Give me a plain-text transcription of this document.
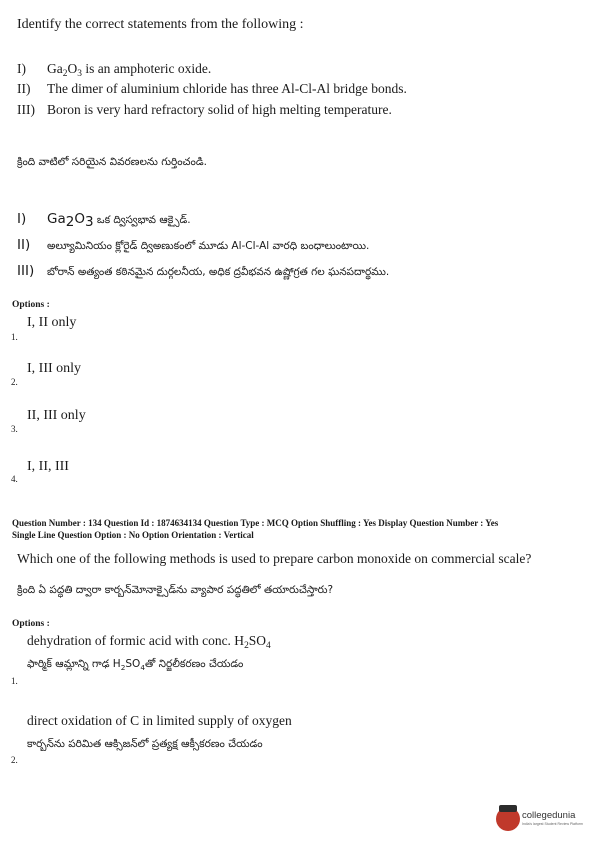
Identify the correct statements from the following :
I) $Ga_2O_3$ is an amphoteric oxide.
II) The dimer of aluminium chloride has three Al-Cl-Al bridge bonds.
III) Boron is very hard refractory solid of high melting temperature.
క్రింది వాటిలో సరియైన వివరణలను గుర్తించండి.
I) $Ga_2O_3$ ఒక ద్విస్వభావ ఆక్సైడ్.
II) అల్యూమినియం క్లోరైడ్ ద్విఅణుకంలో మూడు Al-Cl-Al వారధి బంధాలుంటాయి.
III) బోరాన్ అత్యంత కఠినమైన దుర్గలనీయ, అధిక ద్రవీభవన ఉష్ణోగ్రత గల ఘనపదార్థము.
Options :
I, II only
1.
I, III only
2.
II, III only
3.
I, II, III
4.
Question Number : 134 Question Id : 1874634134 Question Type : MCQ Option Shuffling : Yes Display Question Number : Yes
Single Line Question Option : No Option Orientation : Vertical
Which one of the following methods is used to prepare carbon monoxide on commercial scale?
క్రింది ఏ పద్ధతి ద్వారా కార్బన్‌మోనాక్సైడ్‌ను వ్యాపార పద్ధతిలో తయారుచేస్తారు?
Options :
dehydration of formic acid with conc. $H_2SO_4$
ఫార్మిక్ ఆమ్లాన్ని గాఢ $H_2SO_4తో$ నిర్జలీకరణం చేయడం
1.
direct oxidation of C in limited supply of oxygen
కార్బన్‌ను పరిమిత ఆక్సిజన్‌లో ప్రత్యక్ష ఆక్సీకరణం చేయడం
2.
collegedunia
India's largest Student Review Platform
